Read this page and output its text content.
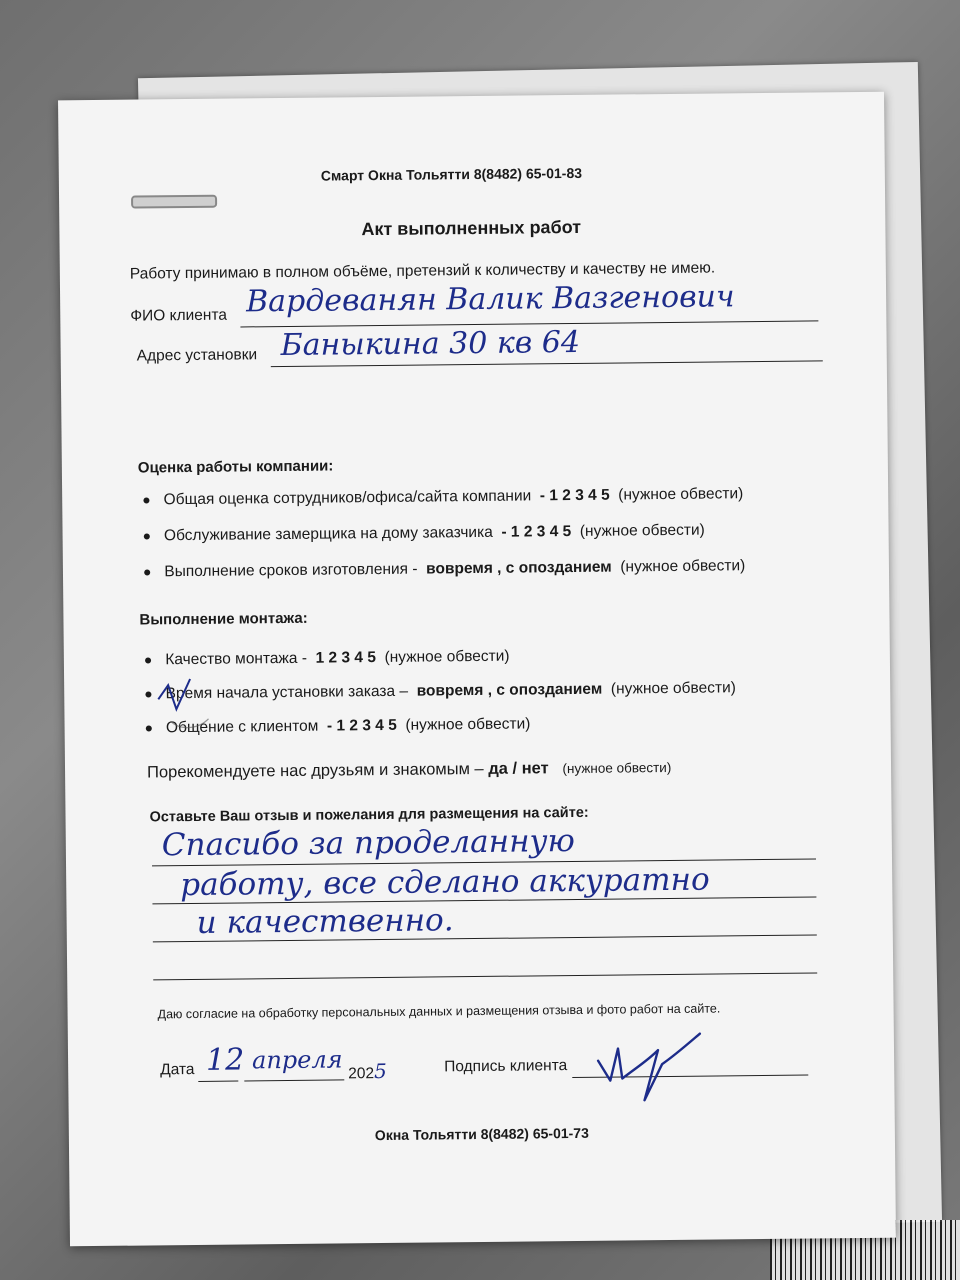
Смарт Окна Тольятти 8(8482) 65-01-83
Акт выполненных работ
Работу принимаю в полном объёме, претензий к количеству и качеству не имею.
ФИО клиента Вардеванян Валик Вазгенович
Адрес установки Баныкина 30 кв 64
Оценка работы компании:
● Общая оценка сотрудников/офиса/сайта компании - 1 2 3 4 5 (нужное обвести)
● Обслуживание замерщика на дому заказчика - 1 2 3 4 5 (нужное обвести)
● Выполнение сроков изготовления - вовремя , с опозданием (нужное обвести)
Выполнение монтажа:
● Качество монтажа - 1 2 3 4 5 (нужное обвести)
● Время начала установки заказа – вовремя , с опозданием (нужное обвести)
● Общение с клиентом - 1 2 3 4 5 (нужное обвести)
Порекомендуете нас друзьям и знакомым – да / нет (нужное обвести)
Оставьте Ваш отзыв и пожелания для размещения на сайте:
Спасибо за проделанную
работу, все сделано аккуратно
и качественно.
Даю согласие на обработку персональных данных и размещения отзыва и фото работ на сайте.
Дата 12 апреля 2025	Подпись клиента
Окна Тольятти 8(8482) 65-01-73
